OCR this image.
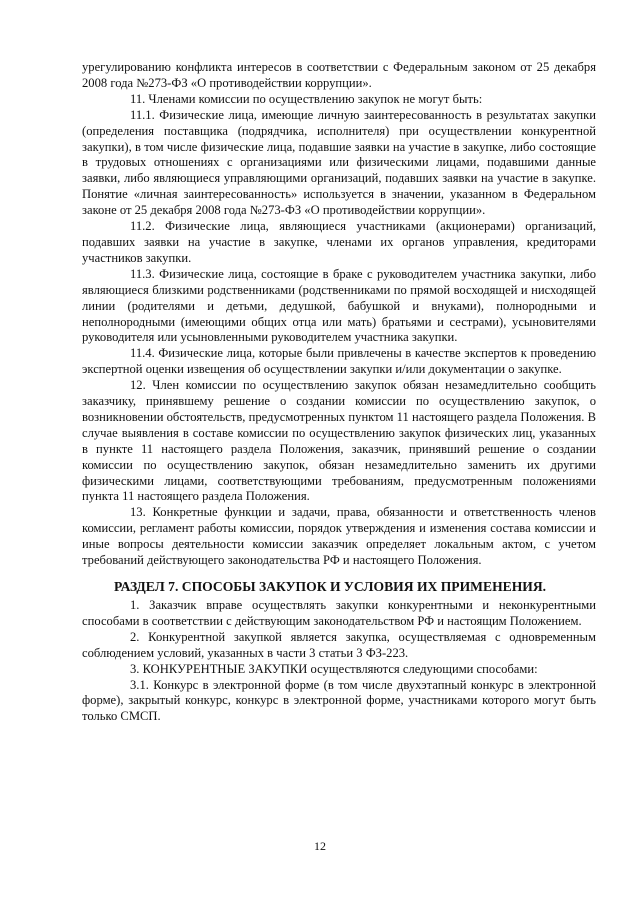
урегулированию конфликта интересов в соответствии с Федеральным законом от 25 декабря 2008 года №273-ФЗ «О противодействии коррупции».

11. Членами комиссии по осуществлению закупок не могут быть:

11.1. Физические лица, имеющие личную заинтересованность в результатах закупки (определения поставщика (подрядчика, исполнителя) при осуществлении конкурентной закупки), в том числе физические лица, подавшие заявки на участие в закупке, либо состоящие в трудовых отношениях с организациями или физическими лицами, подавшими данные заявки, либо являющиеся управляющими организаций, подавших заявки на участие в закупке. Понятие «личная заинтересованность» используется в значении, указанном в Федеральном законе от 25 декабря 2008 года №273-ФЗ «О противодействии коррупции».

11.2. Физические лица, являющиеся участниками (акционерами) организаций, подавших заявки на участие в закупке, членами их органов управления, кредиторами участников закупки.

11.3. Физические лица, состоящие в браке с руководителем участника закупки, либо являющиеся близкими родственниками (родственниками по прямой восходящей и нисходящей линии (родителями и детьми, дедушкой, бабушкой и внуками), полнородными и неполнородными (имеющими общих отца или мать) братьями и сестрами), усыновителями руководителя или усыновленными руководителем участника закупки.

11.4. Физические лица, которые были привлечены в качестве экспертов к проведению экспертной оценки извещения об осуществлении закупки и/или документации о закупке.

12. Член комиссии по осуществлению закупок обязан незамедлительно сообщить заказчику, принявшему решение о создании комиссии по осуществлению закупок, о возникновении обстоятельств, предусмотренных пунктом 11 настоящего раздела Положения. В случае выявления в составе комиссии по осуществлению закупок физических лиц, указанных в пункте 11 настоящего раздела Положения, заказчик, принявший решение о создании комиссии по осуществлению закупок, обязан незамедлительно заменить их другими физическими лицами, соответствующими требованиям, предусмотренным положениями пункта 11 настоящего раздела Положения.

13. Конкретные функции и задачи, права, обязанности и ответственность членов комиссии, регламент работы комиссии, порядок утверждения и изменения состава комиссии и иные вопросы деятельности комиссии заказчик определяет локальным актом, с учетом требований действующего законодательства РФ и настоящего Положения.

РАЗДЕЛ 7. СПОСОБЫ ЗАКУПОК И УСЛОВИЯ ИХ ПРИМЕНЕНИЯ.

1. Заказчик вправе осуществлять закупки конкурентными и неконкурентными способами в соответствии с действующим законодательством РФ и настоящим Положением.

2. Конкурентной закупкой является закупка, осуществляемая с одновременным соблюдением условий, указанных в части 3 статьи 3 ФЗ-223.

3. КОНКУРЕНТНЫЕ ЗАКУПКИ осуществляются следующими способами:

3.1. Конкурс в электронной форме (в том числе двухэтапный конкурс в электронной форме), закрытый конкурс, конкурс в электронной форме, участниками которого могут быть только СМСП.

12
